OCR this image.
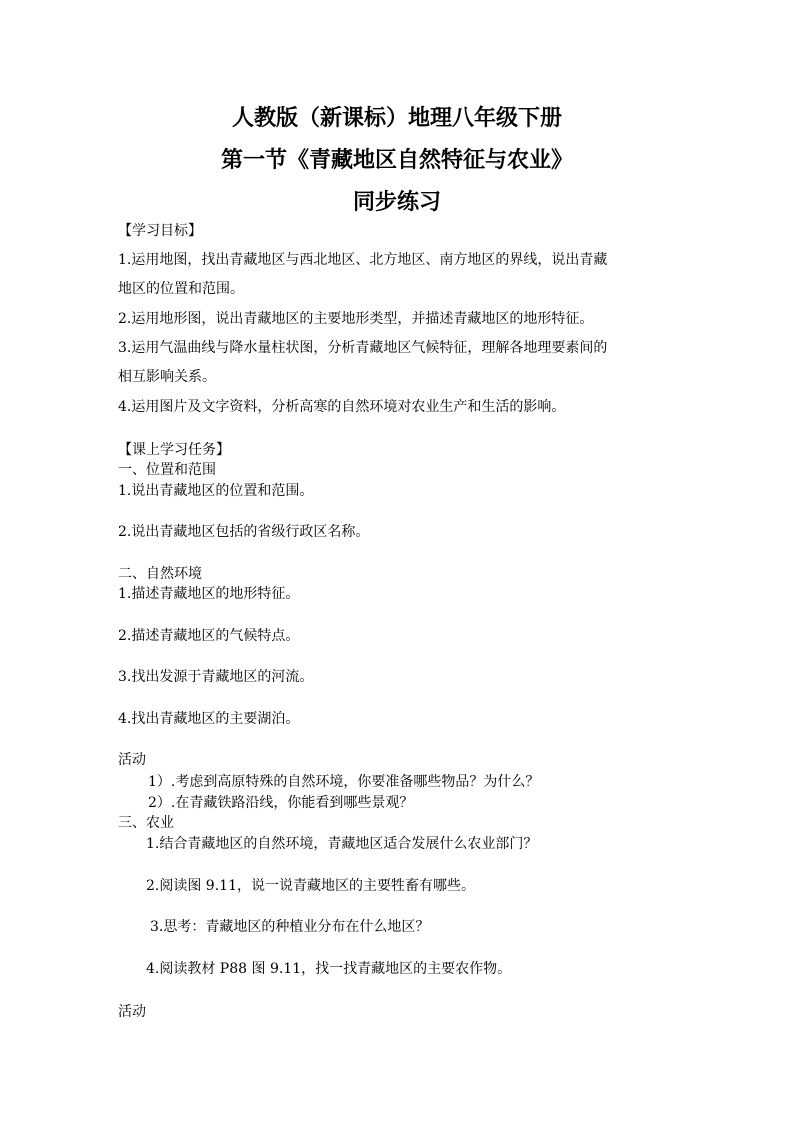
人教版（新课标）地理八年级下册
第一节《青藏地区自然特征与农业》
同步练习
【学习目标】
1.运用地图，找出青藏地区与西北地区、北方地区、南方地区的界线，说出青藏
地区的位置和范围。
2.运用地形图，说出青藏地区的主要地形类型，并描述青藏地区的地形特征。
3.运用气温曲线与降水量柱状图，分析青藏地区气候特征，理解各地理要素间的
相互影响关系。
4.运用图片及文字资料，分析高寒的自然环境对农业生产和生活的影响。
【课上学习任务】
一、位置和范围
1.说出青藏地区的位置和范围。
2.说出青藏地区包括的省级行政区名称。
二、自然环境
1.描述青藏地区的地形特征。
2.描述青藏地区的气候特点。
3.找出发源于青藏地区的河流。
4.找出青藏地区的主要湖泊。
活动
1）.考虑到高原特殊的自然环境，你要准备哪些物品？为什么？
2）.在青藏铁路沿线，你能看到哪些景观？
三、农业
1.结合青藏地区的自然环境，青藏地区适合发展什么农业部门？
2.阅读图 9.11，说一说青藏地区的主要牲畜有哪些。
3.思考：青藏地区的种植业分布在什么地区？
4.阅读教材 P88 图 9.11，找一找青藏地区的主要农作物。
活动
